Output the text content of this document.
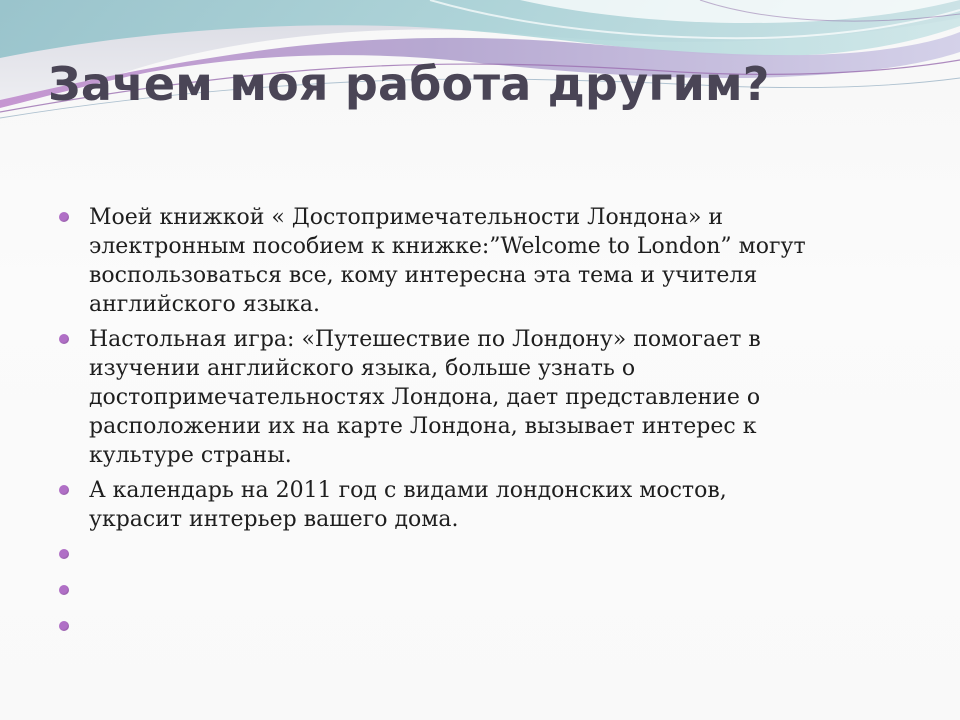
Зачем моя работа другим?
Моей книжкой « Достопримечательности Лондона» и
электронным пособием к книжке:”Welcome to London” могут
воспользоваться все, кому интересна эта тема и учителя
английского языка.
Настольная игра: «Путешествие по Лондону» помогает в
изучении английского языка, больше узнать о
достопримечательностях Лондона, дает представление о
расположении их на карте Лондона, вызывает интерес к
культуре страны.
А календарь на 2011 год с видами лондонских мостов,
украсит интерьер вашего дома.
